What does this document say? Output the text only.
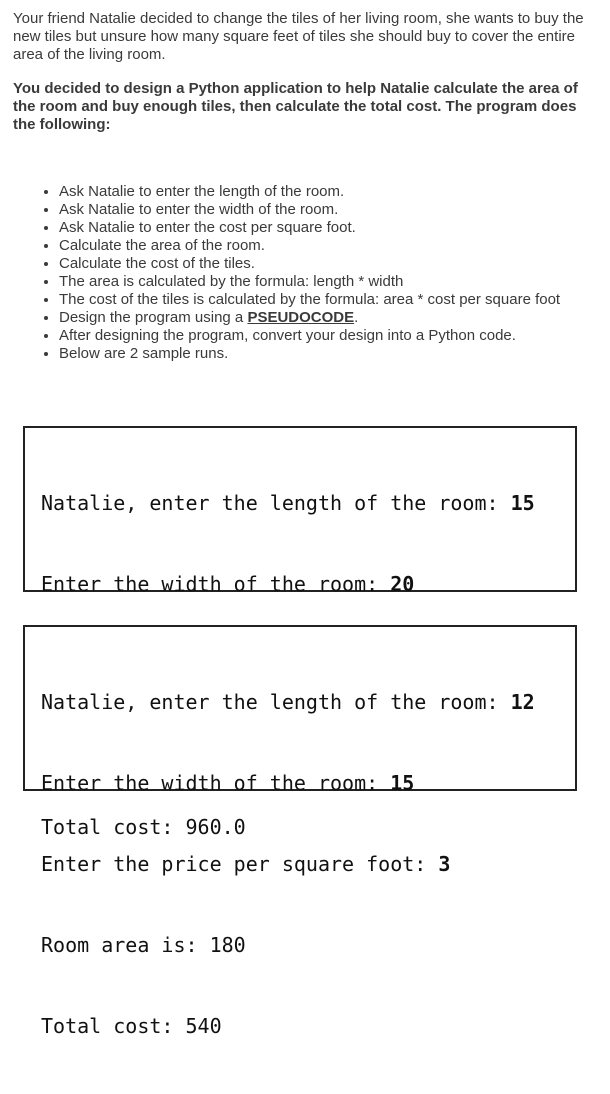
Your friend Natalie decided to change the tiles of her living room, she wants to buy the new tiles but unsure how many square feet of tiles she should buy to cover the entire area of the living room.

You decided to design a Python application to help Natalie calculate the area of the room and buy enough tiles, then calculate the total cost. The program does the following:

• Ask Natalie to enter the length of the room.
• Ask Natalie to enter the width of the room.
• Ask Natalie to enter the cost per square foot.
• Calculate the area of the room.
• Calculate the cost of the tiles.
• The area is calculated by the formula: length * width
• The cost of the tiles is calculated by the formula: area * cost per square foot
• Design the program using a PSEUDOCODE.
• After designing the program, convert your design into a Python code.
• Below are 2 sample runs.

Natalie, enter the length of the room: 15

Enter the width of the room: 20

Total cost: 960.0

Natalie, enter the length of the room: 12

Enter the width of the room: 15

Enter the price per square foot: 3

Room area is: 180

Total cost: 540
